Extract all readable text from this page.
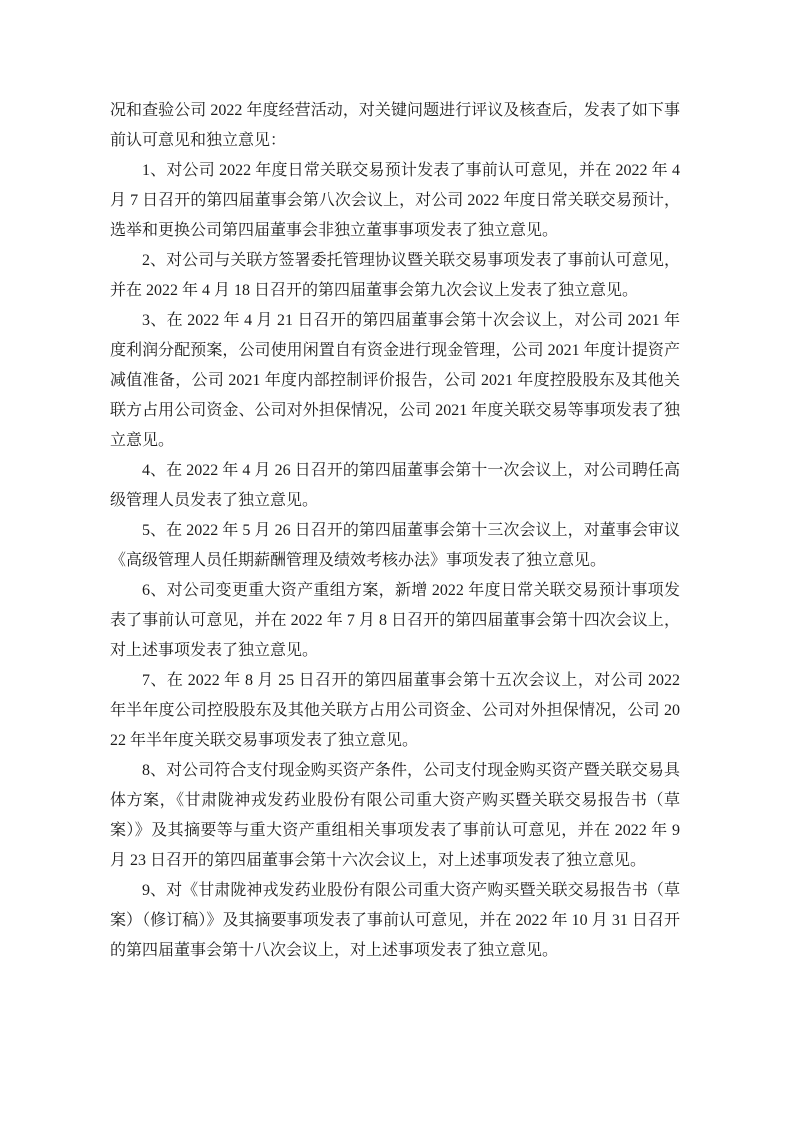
况和查验公司 2022 年度经营活动，对关键问题进行评议及核查后，发表了如下事前认可意见和独立意见：

1、对公司 2022 年度日常关联交易预计发表了事前认可意见，并在 2022 年 4 月 7 日召开的第四届董事会第八次会议上，对公司 2022 年度日常关联交易预计，选举和更换公司第四届董事会非独立董事事项发表了独立意见。

2、对公司与关联方签署委托管理协议暨关联交易事项发表了事前认可意见，并在 2022 年 4 月 18 日召开的第四届董事会第九次会议上发表了独立意见。

3、在 2022 年 4 月 21 日召开的第四届董事会第十次会议上，对公司 2021 年度利润分配预案，公司使用闲置自有资金进行现金管理，公司 2021 年度计提资产减值准备，公司 2021 年度内部控制评价报告，公司 2021 年度控股股东及其他关联方占用公司资金、公司对外担保情况，公司 2021 年度关联交易等事项发表了独立意见。

4、在 2022 年 4 月 26 日召开的第四届董事会第十一次会议上，对公司聘任高级管理人员发表了独立意见。

5、在 2022 年 5 月 26 日召开的第四届董事会第十三次会议上，对董事会审议《高级管理人员任期薪酬管理及绩效考核办法》事项发表了独立意见。

6、对公司变更重大资产重组方案，新增 2022 年度日常关联交易预计事项发表了事前认可意见，并在 2022 年 7 月 8 日召开的第四届董事会第十四次会议上，对上述事项发表了独立意见。

7、在 2022 年 8 月 25 日召开的第四届董事会第十五次会议上，对公司 2022 年半年度公司控股股东及其他关联方占用公司资金、公司对外担保情况，公司 2022 年半年度关联交易事项发表了独立意见。

8、对公司符合支付现金购买资产条件，公司支付现金购买资产暨关联交易具体方案，《甘肃陇神戎发药业股份有限公司重大资产购买暨关联交易报告书（草案）》及其摘要等与重大资产重组相关事项发表了事前认可意见，并在 2022 年 9 月 23 日召开的第四届董事会第十六次会议上，对上述事项发表了独立意见。

9、对《甘肃陇神戎发药业股份有限公司重大资产购买暨关联交易报告书（草案）（修订稿）》及其摘要事项发表了事前认可意见，并在 2022 年 10 月 31 日召开的第四届董事会第十八次会议上，对上述事项发表了独立意见。
